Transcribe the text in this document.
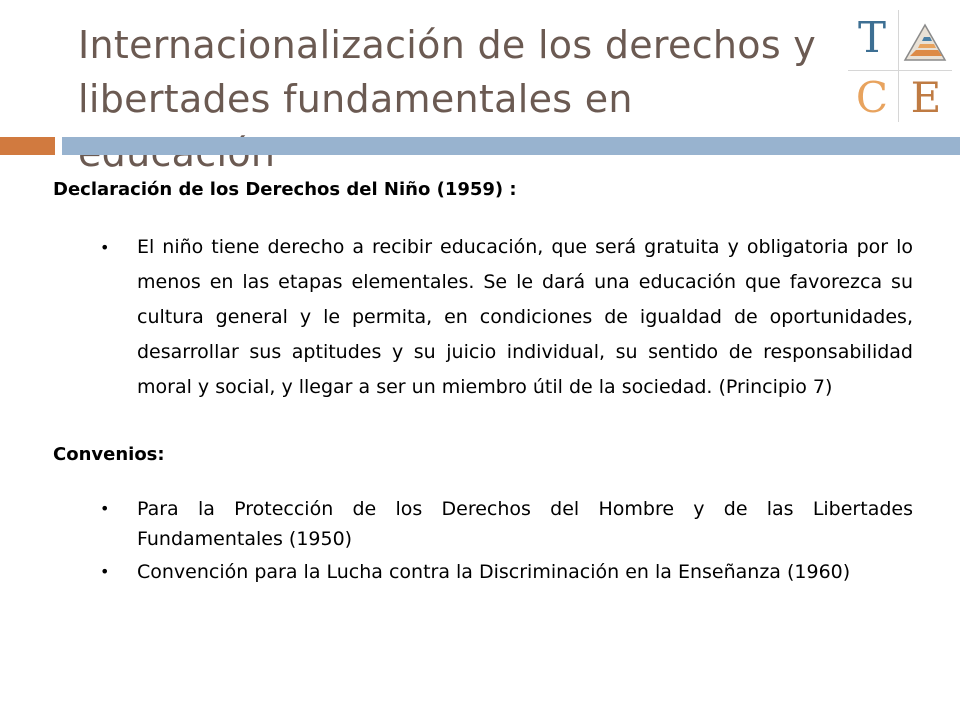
Internacionalización de los derechos y libertades fundamentales en
T
C E

Declaración de los Derechos del Niño (1959) :

• El niño tiene derecho a recibir educación, que será gratuita y obligatoria por lo menos en las etapas elementales. Se le dará una educación que favorezca su cultura general y le permita, en condiciones de igualdad de oportunidades, desarrollar sus aptitudes y su juicio individual, su sentido de responsabilidad moral y social, y llegar a ser un miembro útil de la sociedad. (Principio 7)

Convenios:

• Para la Protección de los Derechos del Hombre y de las Libertades Fundamentales (1950)
• Convención para la Lucha contra la Discriminación en la Enseñanza (1960)
